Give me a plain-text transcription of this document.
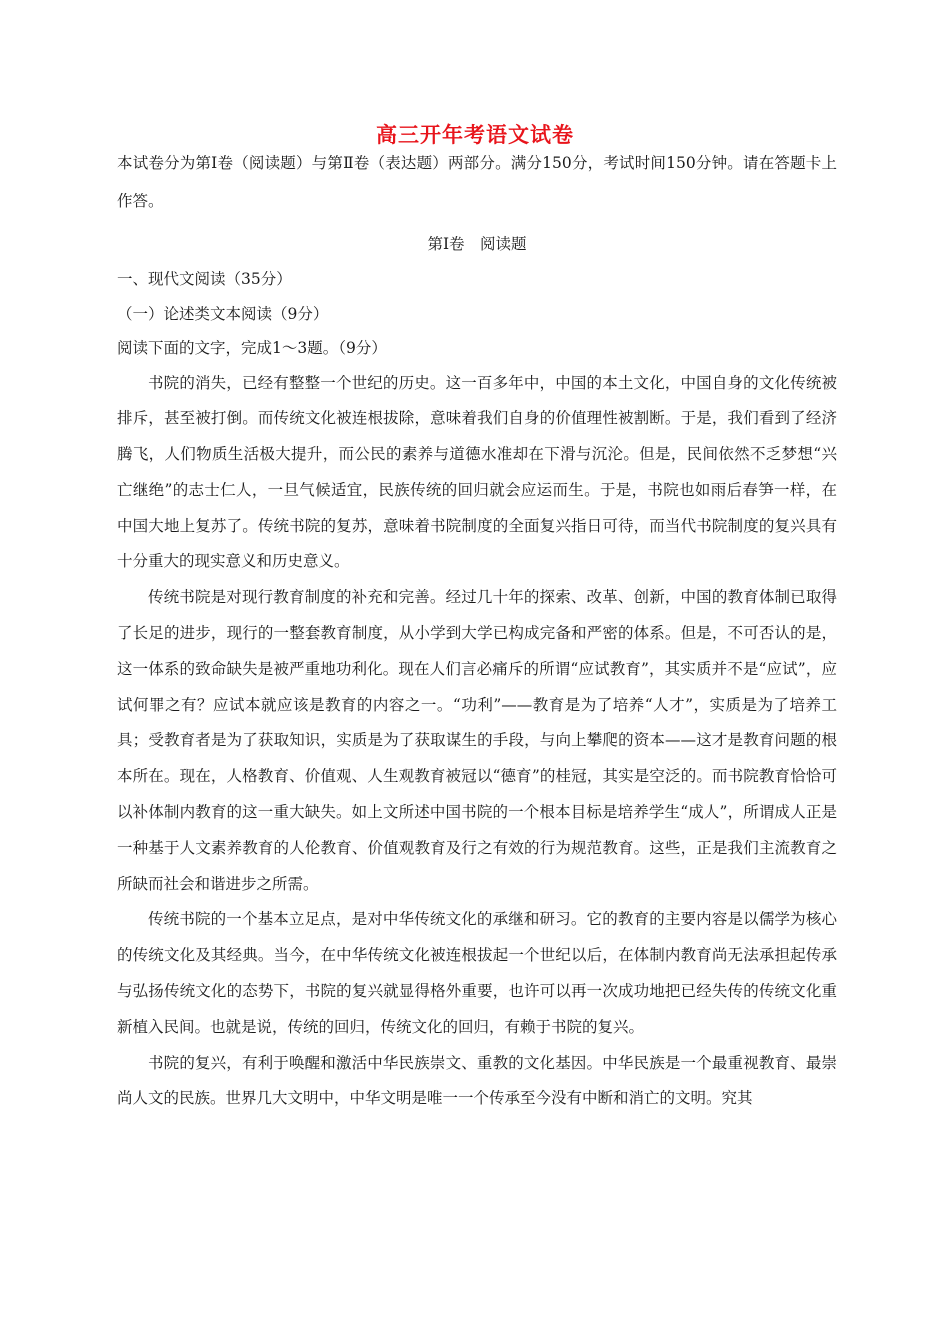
高三开年考语文试卷

本试卷分为第Ⅰ卷（阅读题）与第Ⅱ卷（表达题）两部分。满分150分，考试时间150分钟。请在答题卡上作答。

第Ⅰ卷　阅读题

一、现代文阅读（35分）

（一）论述类文本阅读（9分）

阅读下面的文字，完成1～3题。（9分）

书院的消失，已经有整整一个世纪的历史。这一百多年中，中国的本土文化，中国自身的文化传统被排斥，甚至被打倒。而传统文化被连根拔除，意味着我们自身的价值理性被割断。于是，我们看到了经济腾飞，人们物质生活极大提升，而公民的素养与道德水准却在下滑与沉沦。但是，民间依然不乏梦想“兴亡继绝”的志士仁人，一旦气候适宜，民族传统的回归就会应运而生。于是，书院也如雨后春笋一样，在中国大地上复苏了。传统书院的复苏，意味着书院制度的全面复兴指日可待，而当代书院制度的复兴具有十分重大的现实意义和历史意义。

传统书院是对现行教育制度的补充和完善。经过几十年的探索、改革、创新，中国的教育体制已取得了长足的进步，现行的一整套教育制度，从小学到大学已构成完备和严密的体系。但是，不可否认的是，这一体系的致命缺失是被严重地功利化。现在人们言必痛斥的所谓“应试教育”，其实质并不是“应试”，应试何罪之有？应试本就应该是教育的内容之一。“功利”——教育是为了培养“人才”，实质是为了培养工具；受教育者是为了获取知识，实质是为了获取谋生的手段，与向上攀爬的资本——这才是教育问题的根本所在。现在，人格教育、价值观、人生观教育被冠以“德育”的桂冠，其实是空泛的。而书院教育恰恰可以补体制内教育的这一重大缺失。如上文所述中国书院的一个根本目标是培养学生“成人”，所谓成人正是一种基于人文素养教育的人伦教育、价值观教育及行之有效的行为规范教育。这些，正是我们主流教育之所缺而社会和谐进步之所需。

传统书院的一个基本立足点，是对中华传统文化的承继和研习。它的教育的主要内容是以儒学为核心的传统文化及其经典。当今，在中华传统文化被连根拔起一个世纪以后，在体制内教育尚无法承担起传承与弘扬传统文化的态势下，书院的复兴就显得格外重要，也许可以再一次成功地把已经失传的传统文化重新植入民间。也就是说，传统的回归，传统文化的回归，有赖于书院的复兴。

书院的复兴，有利于唤醒和激活中华民族崇文、重教的文化基因。中华民族是一个最重视教育、最崇尚人文的民族。世界几大文明中，中华文明是唯一一个传承至今没有中断和消亡的文明。究其
